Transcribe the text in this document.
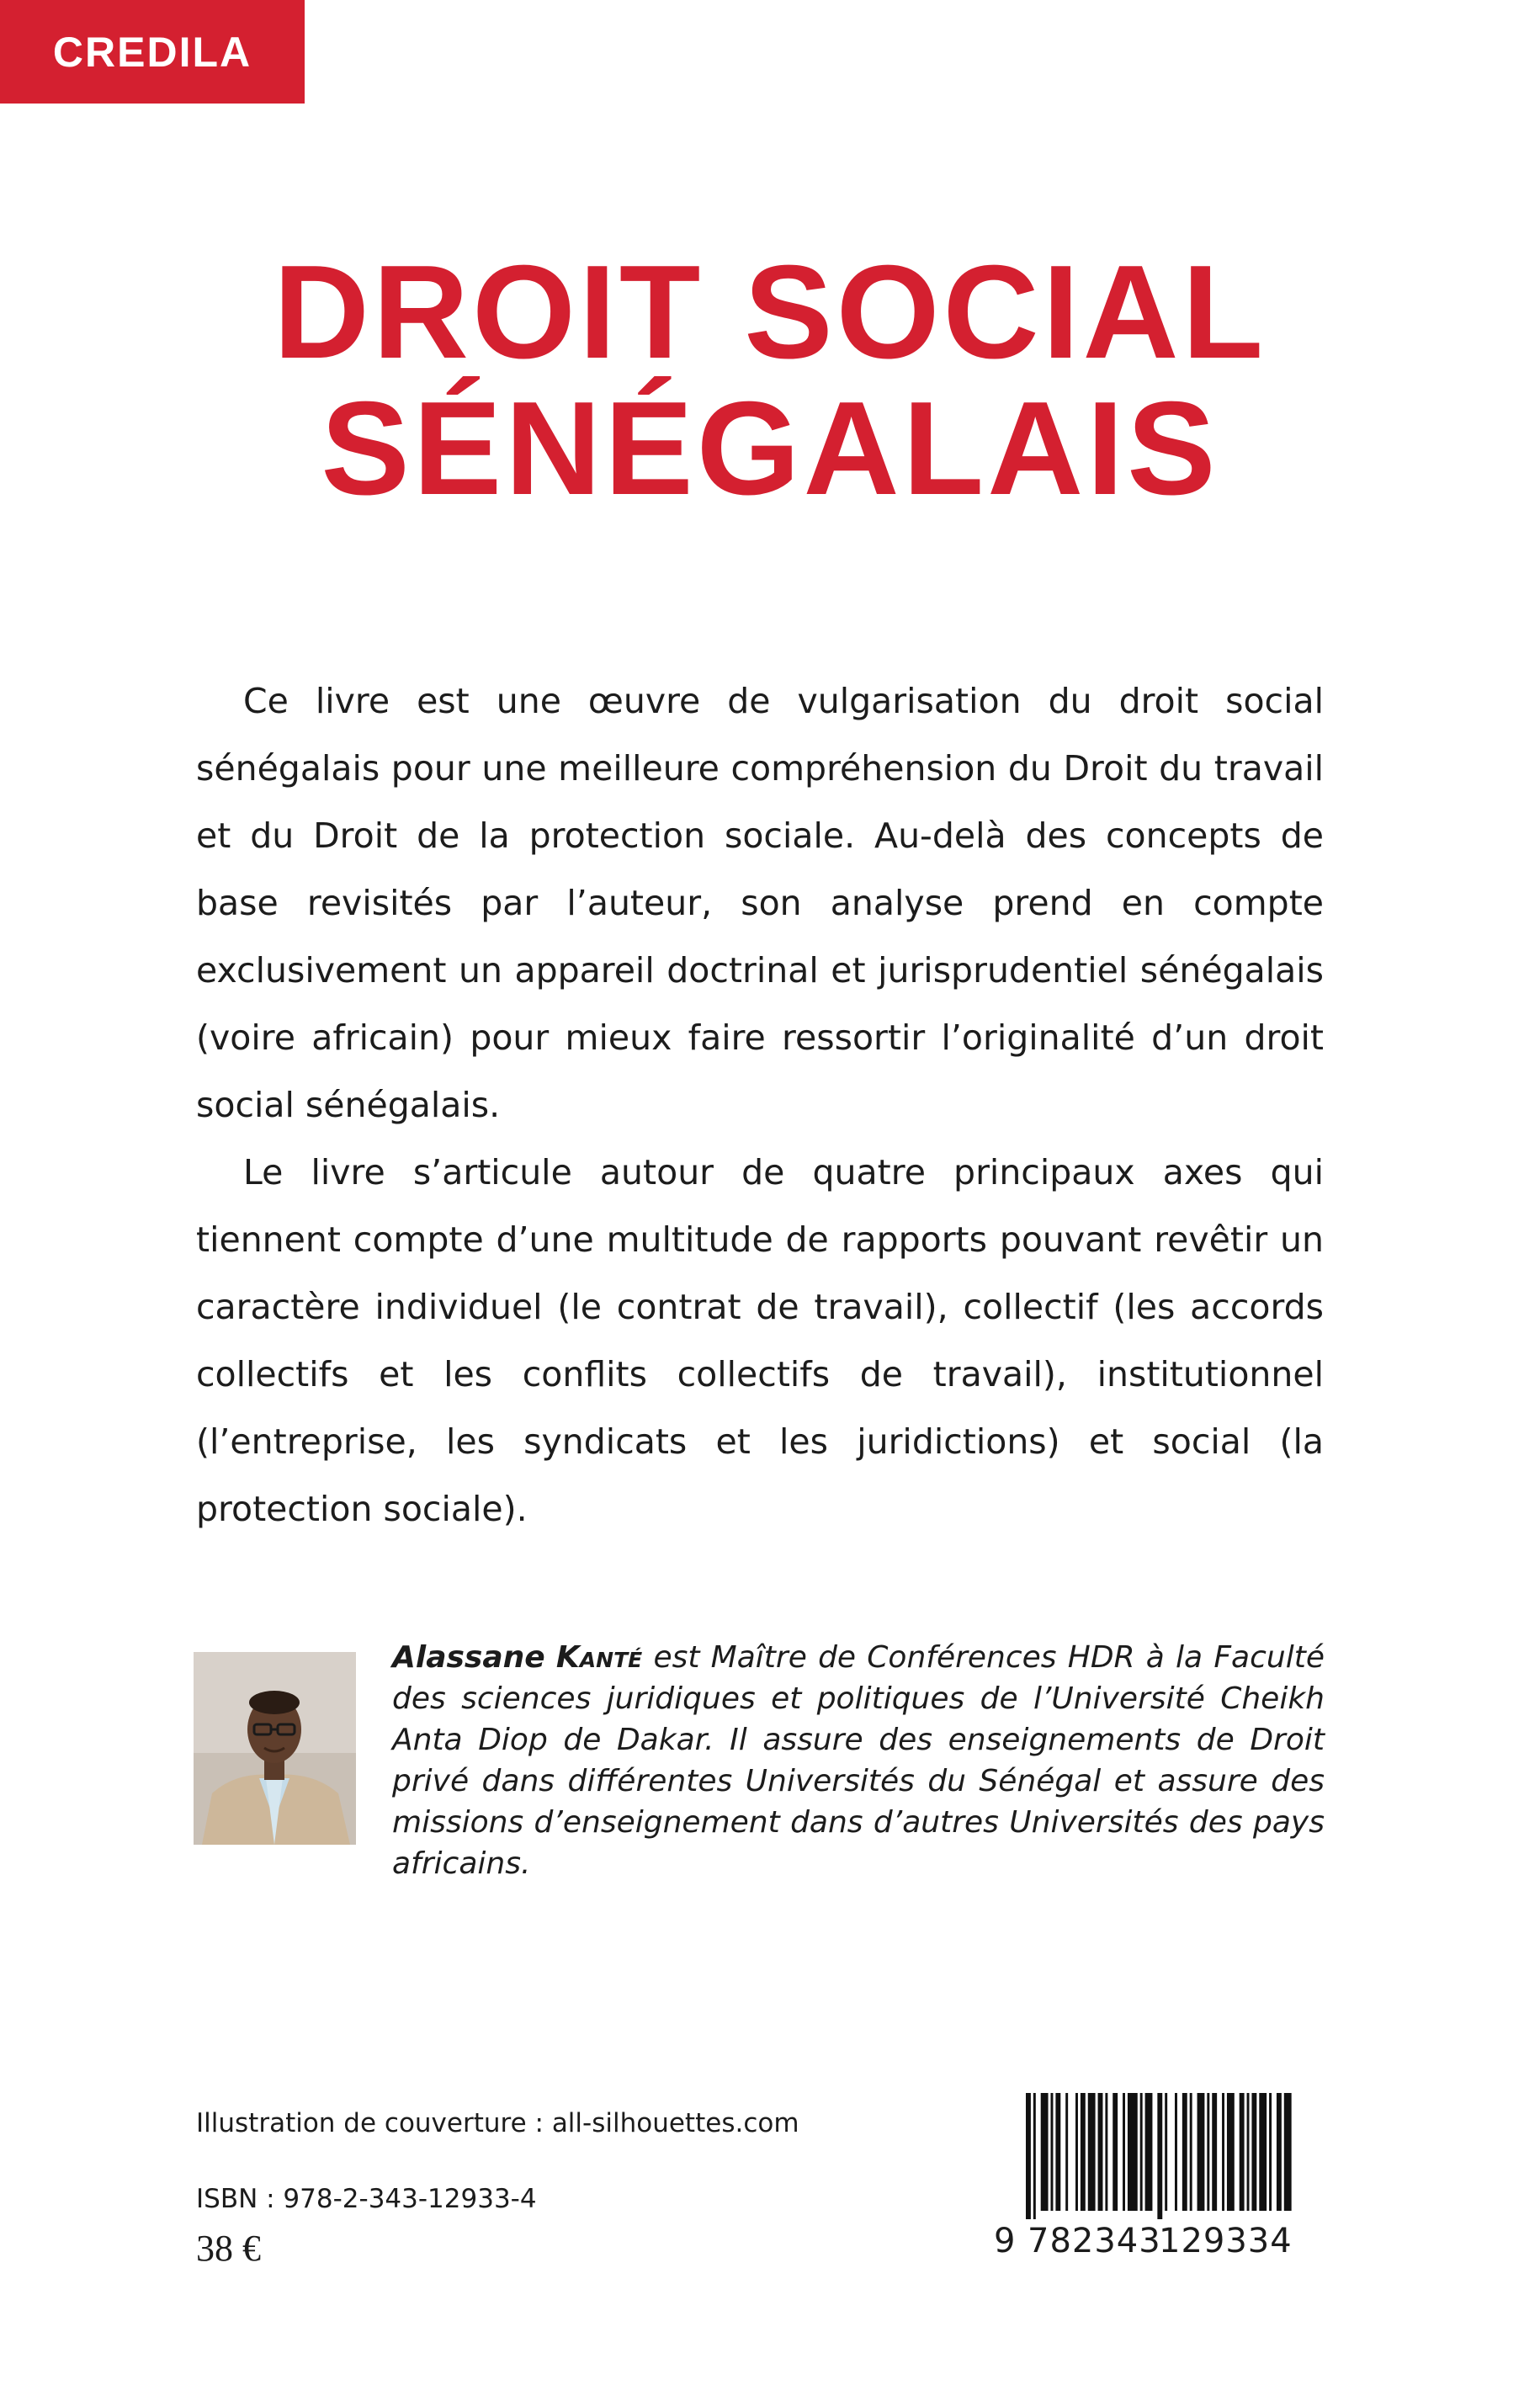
CREDILA
DROIT SOCIAL
SÉNÉGALAIS

Ce livre est une œuvre de vulgarisation du droit social sénégalais pour une meilleure compréhension du Droit du travail et du Droit de la protection sociale. Au-delà des concepts de base revisités par l’auteur, son analyse prend en compte exclusivement un appareil doctrinal et jurisprudentiel sénégalais (voire africain) pour mieux faire ressortir l’originalité d’un droit social sénégalais.

Le livre s’articule autour de quatre principaux axes qui tiennent compte d’une multitude de rapports pouvant revêtir un caractère individuel (le contrat de travail), collectif (les accords collectifs et les conflits collectifs de travail), institutionnel (l’entreprise, les syndicats et les juridictions) et social (la protection sociale).

Alassane Kanté est Maître de Conférences HDR à la Faculté des sciences juridiques et politiques de l’Université Cheikh Anta Diop de Dakar. Il assure des enseignements de Droit privé dans différentes Universités du Sénégal et assure des missions d’enseignement dans d’autres Universités des pays africains.
Illustration de couverture : all-silhouettes.com
ISBN : 978-2-343-12933-4
38 €	9 782343
129334
